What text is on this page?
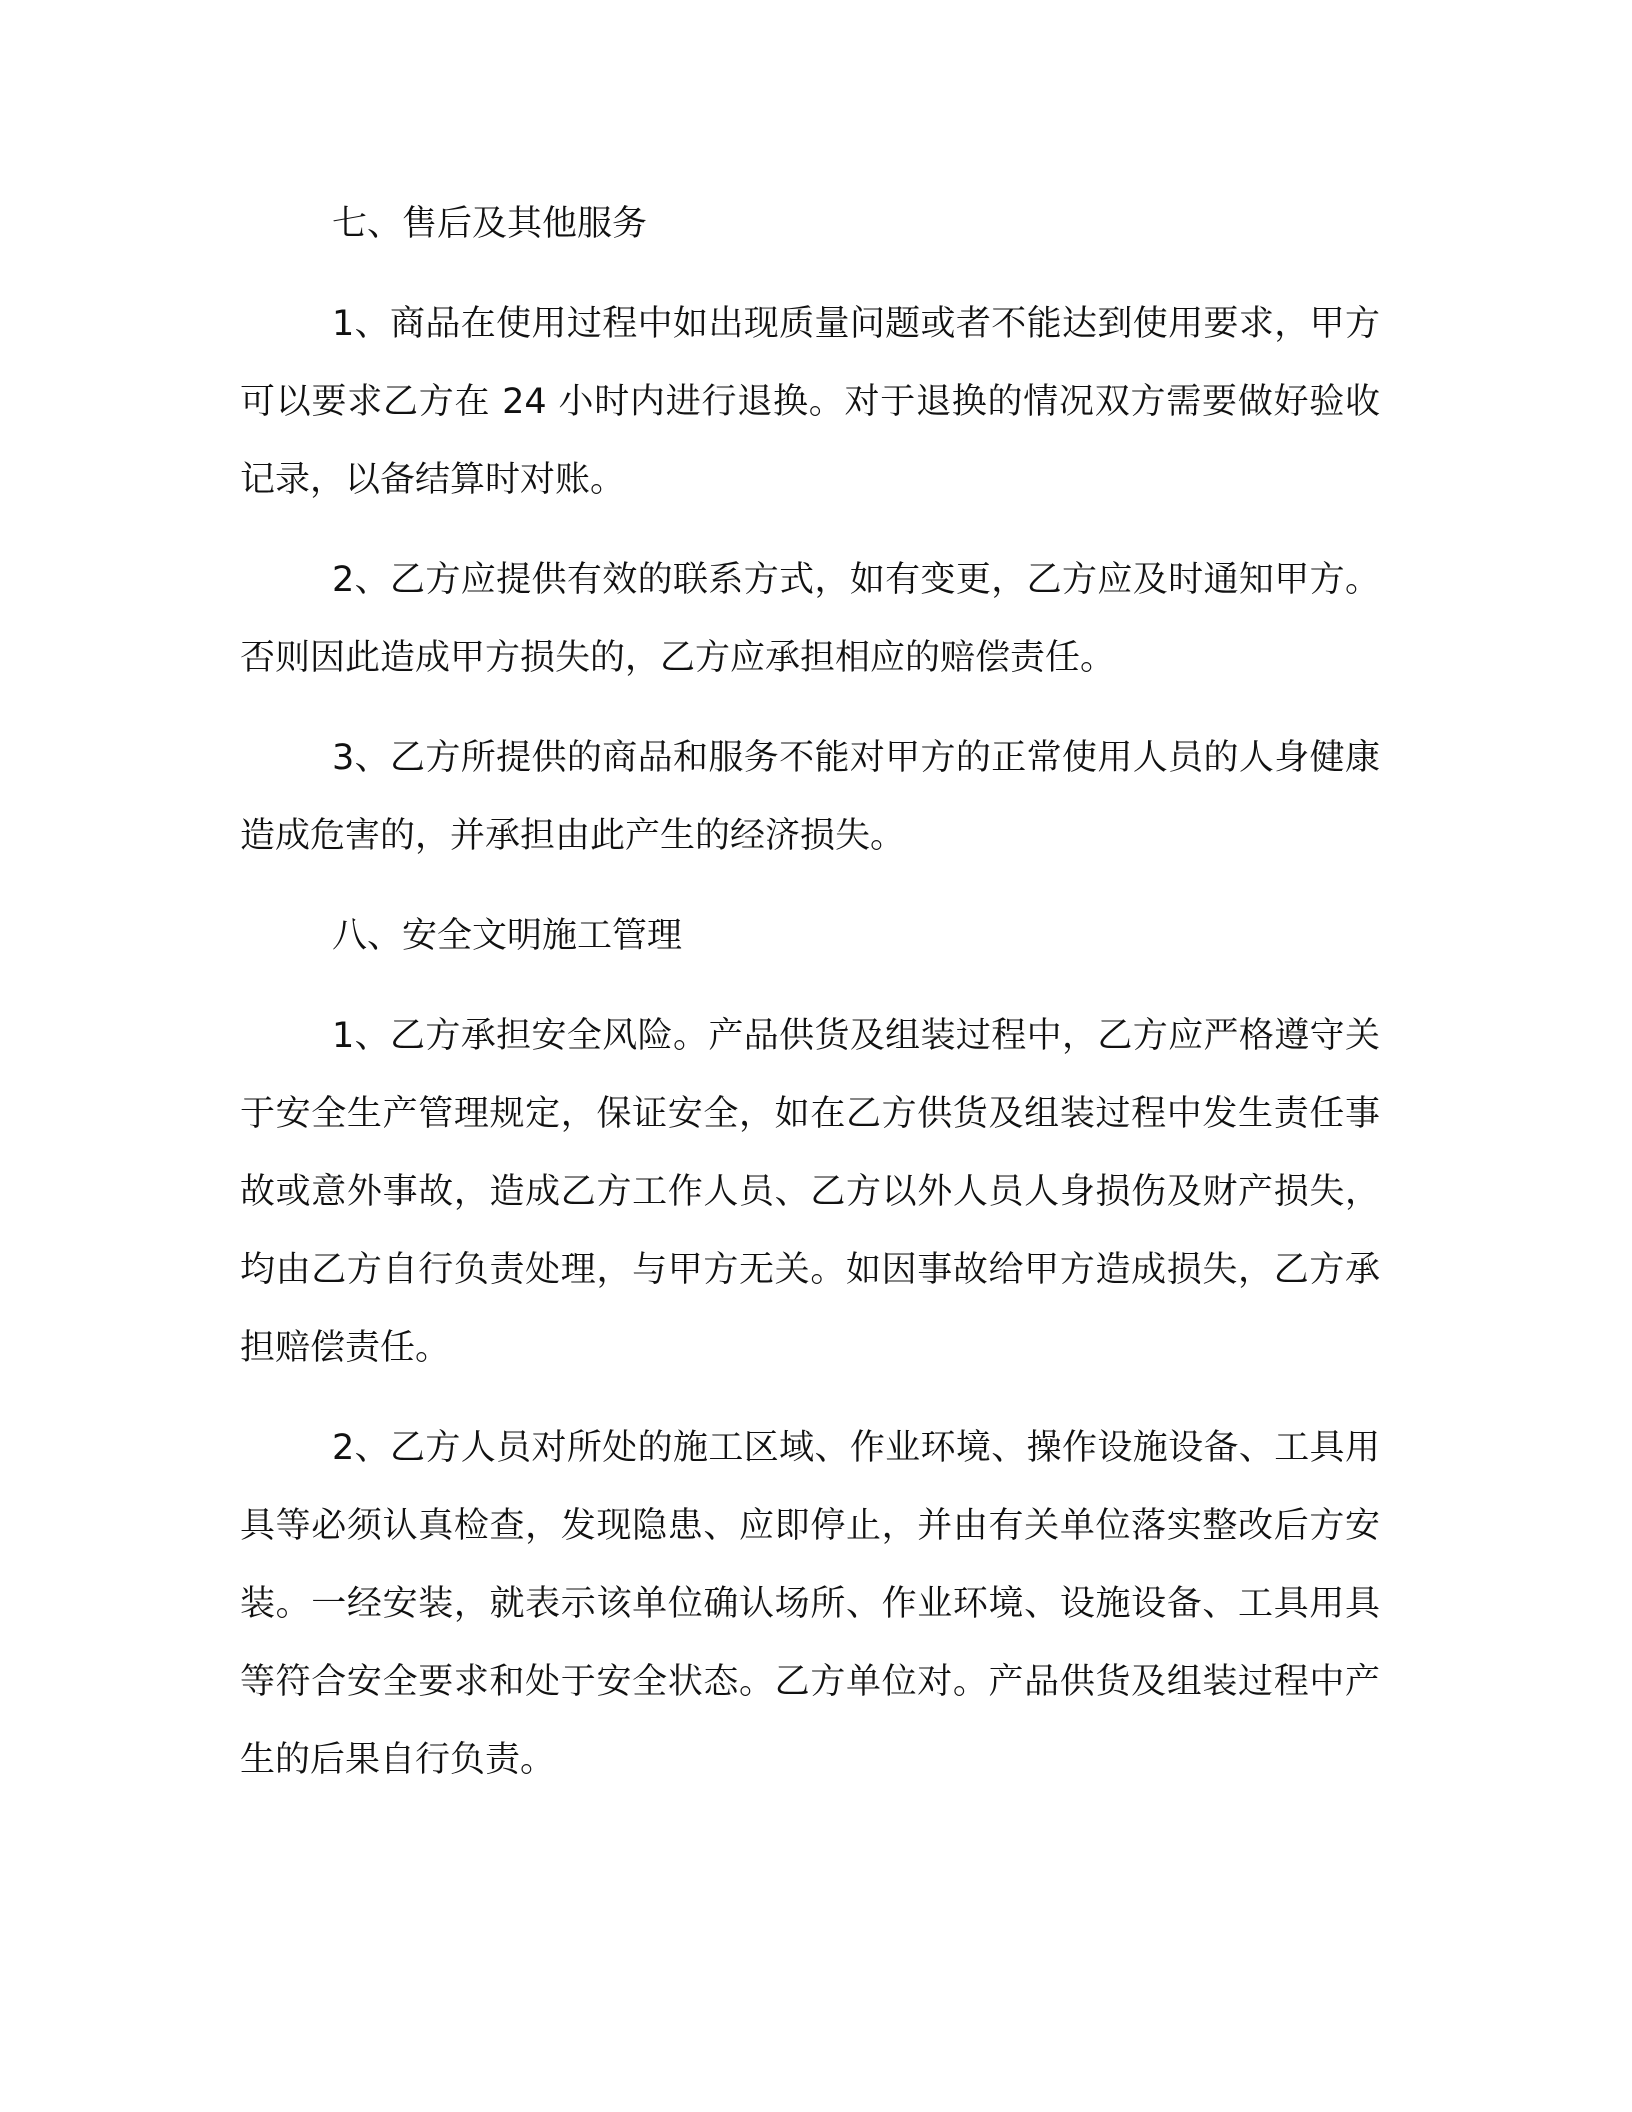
七、售后及其他服务

1、商品在使用过程中如出现质量问题或者不能达到使用要求，甲方可以要求乙方在 24 小时内进行退换。对于退换的情况双方需要做好验收记录，以备结算时对账。

2、乙方应提供有效的联系方式，如有变更，乙方应及时通知甲方。否则因此造成甲方损失的，乙方应承担相应的赔偿责任。

3、乙方所提供的商品和服务不能对甲方的正常使用人员的人身健康造成危害的，并承担由此产生的经济损失。

八、安全文明施工管理

1、乙方承担安全风险。产品供货及组装过程中，乙方应严格遵守关于安全生产管理规定，保证安全，如在乙方供货及组装过程中发生责任事故或意外事故，造成乙方工作人员、乙方以外人员人身损伤及财产损失，均由乙方自行负责处理，与甲方无关。如因事故给甲方造成损失，乙方承担赔偿责任。

2、乙方人员对所处的施工区域、作业环境、操作设施设备、工具用具等必须认真检查，发现隐患、应即停止，并由有关单位落实整改后方安装。一经安装，就表示该单位确认场所、作业环境、设施设备、工具用具等符合安全要求和处于安全状态。乙方单位对。产品供货及组装过程中产生的后果自行负责。
